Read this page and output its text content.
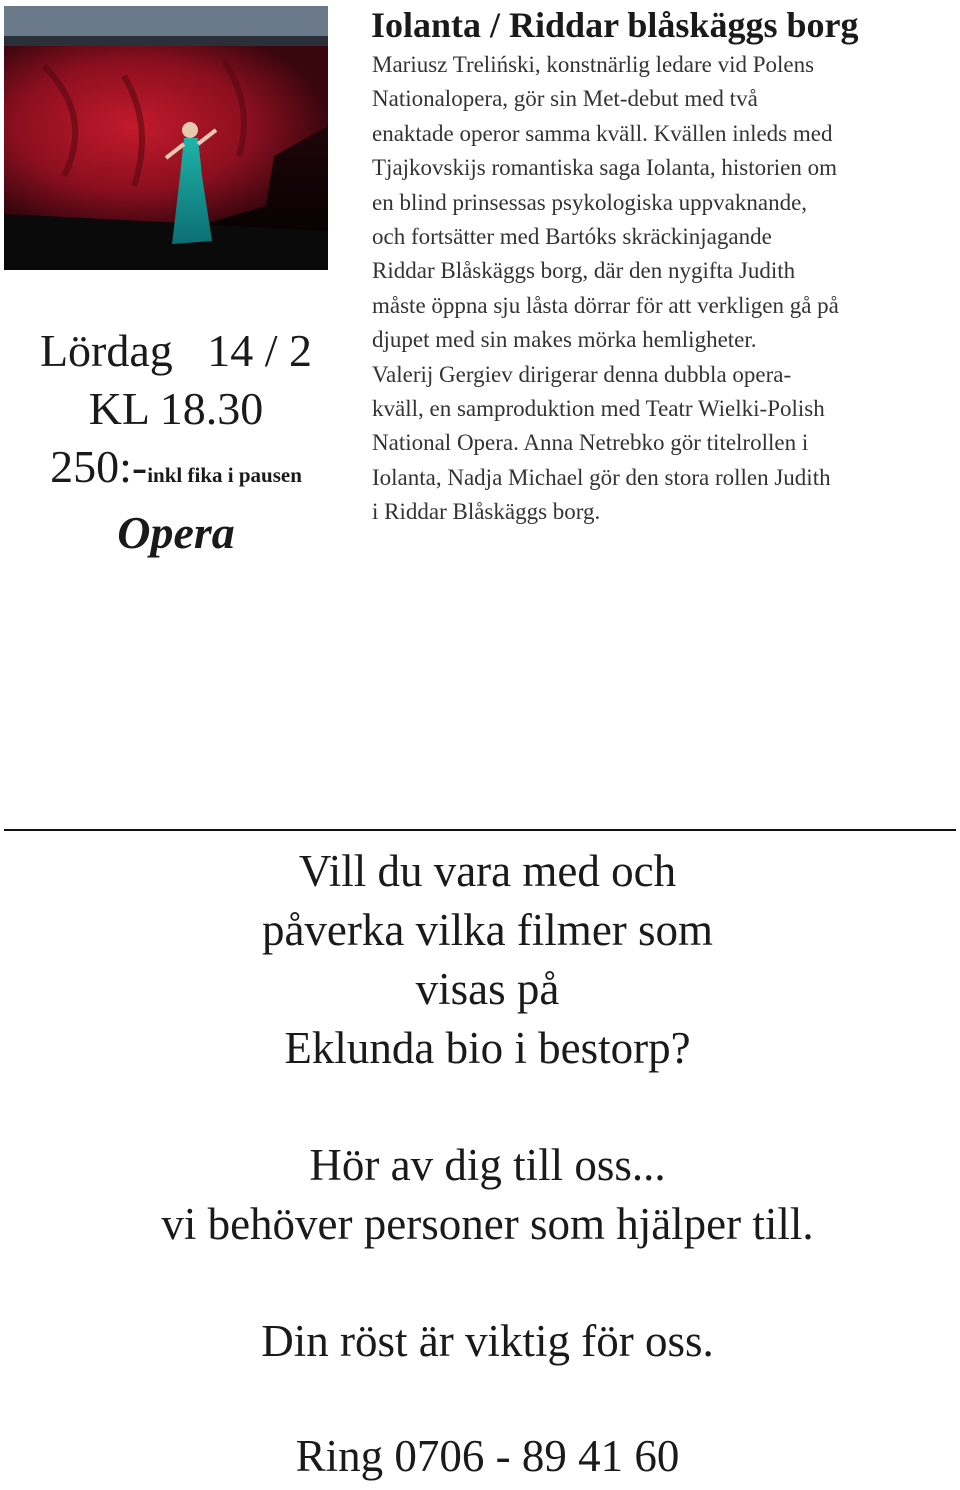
Lördag   14 / 2
KL 18.30
250:-inkl fika i pausen
Opera
Iolanta / Riddar blåskäggs borg
Mariusz Treliński, konstnärlig ledare vid Polens
Nationalopera, gör sin Met-debut med två
enaktade operor samma kväll. Kvällen inleds med
Tjajkovskijs romantiska saga Iolanta, historien om
en blind prinsessas psykologiska uppvaknande,
och fortsätter med Bartóks skräckinjagande
Riddar Blåskäggs borg, där den nygifta Judith
måste öppna sju låsta dörrar för att verkligen gå på
djupet med sin makes mörka hemligheter.
Valerij Gergiev dirigerar denna dubbla opera-
kväll, en samproduktion med Teatr Wielki-Polish
National Opera. Anna Netrebko gör titelrollen i
Iolanta, Nadja Michael gör den stora rollen Judith
i Riddar Blåskäggs borg.

Vill du vara med och

påverka vilka filmer som

visas på

Eklunda bio i bestorp?

Hör av dig till oss...

vi behöver personer som hjälper till.

Din röst är viktig för oss.

Ring 0706 - 89 41 60
